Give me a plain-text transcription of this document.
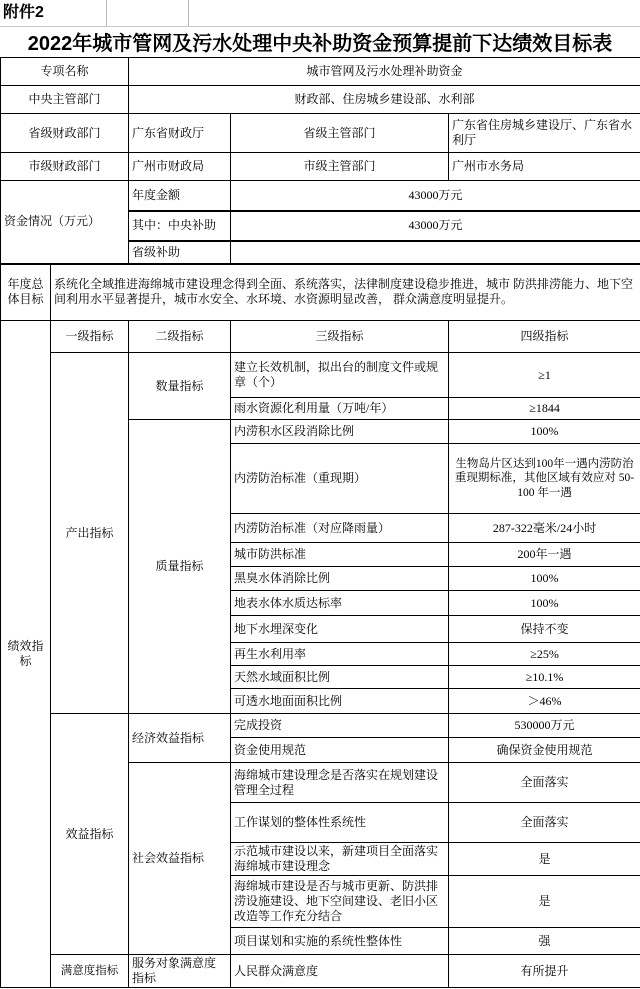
附件2
2022年城市管网及污水处理中央补助资金预算提前下达绩效目标表
专项名称		城市管网及污水处理补助资金		
中央主管部门		财政部、住房城乡建设部、水利部		
省级财政部门		广东省财政厅	省级主管部门	广东省住房城乡建设厅、广东省水利厅
市级财政部门		广州市财政局	市级主管部门	广州市水务局
资金情况（万元）		年度金额	43000万元	
		其中：中央补助	43000万元	
		省级补助		
年度总体目标	系统化全域推进海绵城市建设理念得到全面、系统落实，法律制度建设稳步推进，城市 防洪排涝能力、地下空间利用水平显著提升，城市水安全、水环境、水资源明显改善， 群众满意度明显提升。			
绩效指标	一级指标	二级指标	三级指标	四级指标
	产出指标	数量指标	建立长效机制，拟出台的制度文件或规章（个）	≥1
			雨水资源化利用量（万吨/年）	≥1844
		质量指标	内涝积水区段消除比例	100%
			内涝防治标准（重现期）	生物岛片区达到100年一遇内涝防治重现期标准，其他区域有效应对 50-100 年一遇
			内涝防治标准（对应降雨量）	287-322毫米/24小时
			城市防洪标准	200年一遇
			黑臭水体消除比例	100%
			地表水体水质达标率	100%
			地下水埋深变化	保持不变
			再生水利用率	≥25%
			天然水域面积比例	≥10.1%
			可透水地面面积比例	＞46%
	效益指标	经济效益指标	完成投资	530000万元
			资金使用规范	确保资金使用规范
		社会效益指标	海绵城市建设理念是否落实在规划建设管理全过程	全面落实
			工作谋划的整体性系统性	全面落实
			示范城市建设以来，新建项目全面落实海绵城市建设理念	是
			海绵城市建设是否与城市更新、防洪排涝设施建设、地下空间建设、老旧小区改造等工作充分结合	是
			项目谋划和实施的系统性整体性	强
	满意度指标	服务对象满意度指标	人民群众满意度	有所提升
